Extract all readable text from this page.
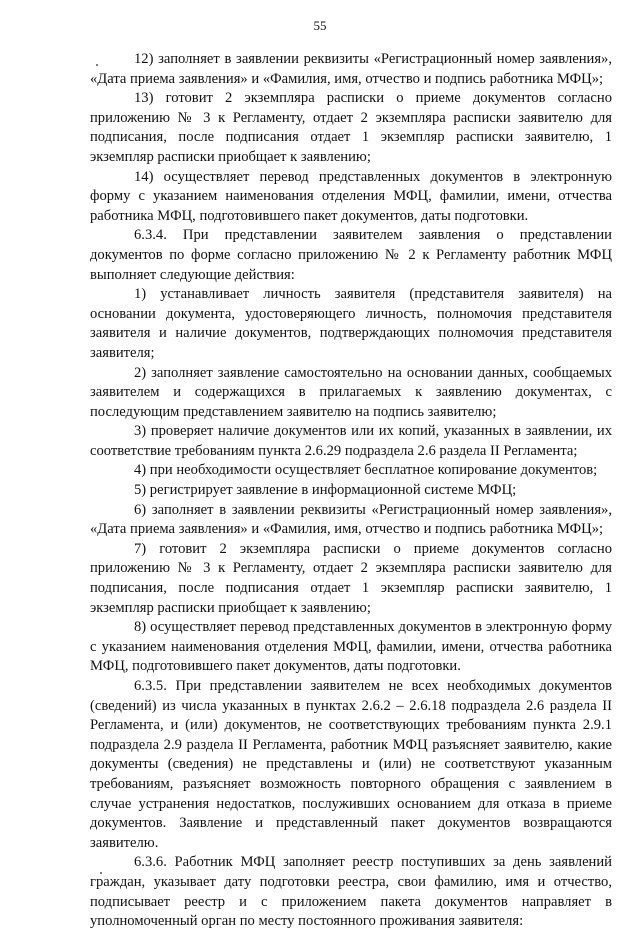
55

12) заполняет в заявлении реквизиты «Регистрационный номер заявления», «Дата приема заявления» и «Фамилия, имя, отчество и подпись работника МФЦ»;

13) готовит 2 экземпляра расписки о приеме документов согласно приложению № 3 к Регламенту, отдает 2 экземпляра расписки заявителю для подписания, после подписания отдает 1 экземпляр расписки заявителю, 1 экземпляр расписки приобщает к заявлению;

14) осуществляет перевод представленных документов в электронную форму с указанием наименования отделения МФЦ, фамилии, имени, отчества работника МФЦ, подготовившего пакет документов, даты подготовки.

6.3.4. При представлении заявителем заявления о представлении документов по форме согласно приложению № 2 к Регламенту работник МФЦ выполняет следующие действия:

1) устанавливает личность заявителя (представителя заявителя) на основании документа, удостоверяющего личность, полномочия представителя заявителя и наличие документов, подтверждающих полномочия представителя заявителя;

2) заполняет заявление самостоятельно на основании данных, сообщаемых заявителем и содержащихся в прилагаемых к заявлению документах, с последующим представлением заявителю на подпись заявителю;

3) проверяет наличие документов или их копий, указанных в заявлении, их соответствие требованиям пункта 2.6.29 подраздела 2.6 раздела II Регламента;

4) при необходимости осуществляет бесплатное копирование документов;

5) регистрирует заявление в информационной системе МФЦ;

6) заполняет в заявлении реквизиты «Регистрационный номер заявления», «Дата приема заявления» и «Фамилия, имя, отчество и подпись работника МФЦ»;

7) готовит 2 экземпляра расписки о приеме документов согласно приложению № 3 к Регламенту, отдает 2 экземпляра расписки заявителю для подписания, после подписания отдает 1 экземпляр расписки заявителю, 1 экземпляр расписки приобщает к заявлению;

8) осуществляет перевод представленных документов в электронную форму с указанием наименования отделения МФЦ, фамилии, имени, отчества работника МФЦ, подготовившего пакет документов, даты подготовки.

6.3.5. При представлении заявителем не всех необходимых документов (сведений) из числа указанных в пунктах 2.6.2 – 2.6.18 подраздела 2.6 раздела II Регламента, и (или) документов, не соответствующих требованиям пункта 2.9.1 подраздела 2.9 раздела II Регламента, работник МФЦ разъясняет заявителю, какие документы (сведения) не представлены и (или) не соответствуют указанным требованиям, разъясняет возможность повторного обращения с заявлением в случае устранения недостатков, послуживших основанием для отказа в приеме документов. Заявление и представленный пакет документов возвращаются заявителю.

6.3.6. Работник МФЦ заполняет реестр поступивших за день заявлений граждан, указывает дату подготовки реестра, свои фамилию, имя и отчество, подписывает реестр и с приложением пакета документов направляет в уполномоченный орган по месту постоянного проживания заявителя:
